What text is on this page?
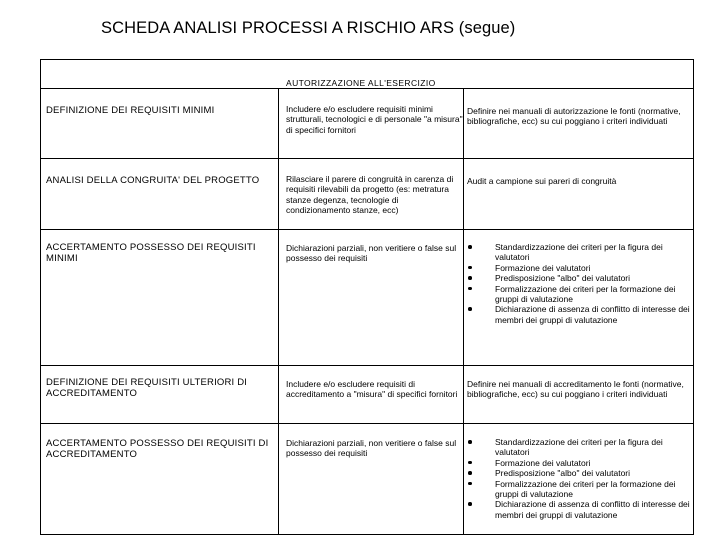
SCHEDA ANALISI PROCESSI A RISCHIO ARS (segue)
AUTORIZZAZIONE ALL'ESERCIZIO
DEFINIZIONE DEI REQUISITI MINIMI	Includere e/o escludere requisiti minimi strutturali, tecnologici e di personale "a misura" di specifici fornitori
Definire nei manuali di autorizzazione le fonti (normative, bibliografiche, ecc) su cui poggiano i criteri individuati
ANALISI DELLA CONGRUITA' DEL PROGETTO	Rilasciare il parere di congruità in carenza di requisiti rilevabili da progetto (es: metratura stanze degenza, tecnologie di condizionamento stanze, ecc)
Audit a campione sui pareri di congruità
ACCERTAMENTO POSSESSO DEI REQUISITI MINIMI
Dichiarazioni parziali, non veritiere o false sul possesso dei requisiti
Standardizzazione dei criteri per la figura dei valutatori
Formazione dei valutatori
Predisposizione "albo" dei valutatori
Formalizzazione dei criteri per la formazione dei gruppi di valutazione
Dichiarazione di assenza di conflitto di interesse dei membri dei gruppi di valutazione
DEFINIZIONE DEI REQUISITI ULTERIORI DI ACCREDITAMENTO
Includere e/o escludere requisiti di accreditamento a "misura" di specifici fornitori
Definire nei manuali di accreditamento le fonti (normative, bibliografiche, ecc) su cui poggiano i criteri individuati
ACCERTAMENTO POSSESSO DEI REQUISITI DI ACCREDITAMENTO
Dichiarazioni parziali, non veritiere o false sul possesso dei requisiti
Standardizzazione dei criteri per la figura dei valutatori
Formazione dei valutatori
Predisposizione "albo" dei valutatori
Formalizzazione dei criteri per la formazione dei gruppi di valutazione
Dichiarazione di assenza di conflitto di interesse dei membri dei gruppi di valutazione
